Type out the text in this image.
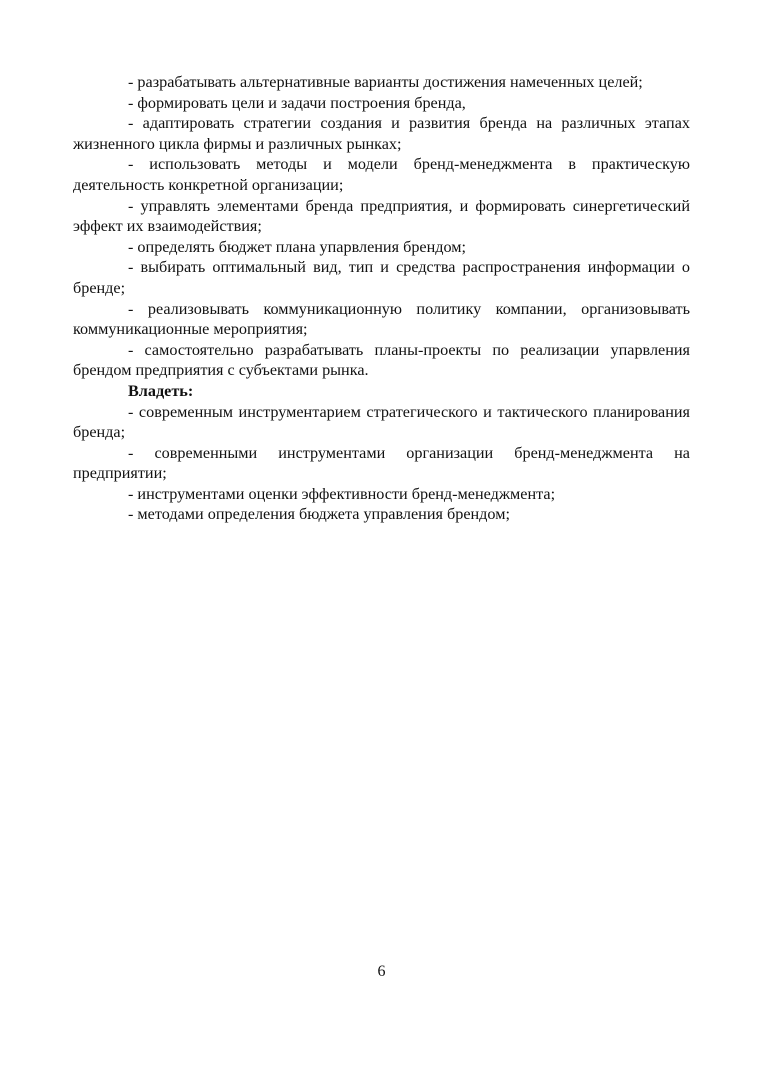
- разрабатывать альтернативные варианты достижения намеченных целей;

- формировать цели и задачи построения бренда,

- адаптировать стратегии создания и развития бренда на различных этапах жизненного цикла фирмы и различных рынках;

- использовать методы и модели бренд-менеджмента в практическую деятельность конкретной организации;

- управлять элементами бренда предприятия, и формировать синергетический эффект их взаимодействия;

- определять бюджет плана упарвления брендом;

- выбирать оптимальный вид, тип и средства распространения информации о бренде;

- реализовывать коммуникационную политику компании, организовывать коммуникационные мероприятия;

- самостоятельно разрабатывать планы-проекты по реализации упарвления брендом предприятия с субъектами рынка.

Владеть:

- современным инструментарием стратегического и тактического планирования бренда;

- современными инструментами организации бренд-менеджмента на предприятии;

- инструментами оценки эффективности бренд-менеджмента;

- методами определения бюджета управления брендом;

6
